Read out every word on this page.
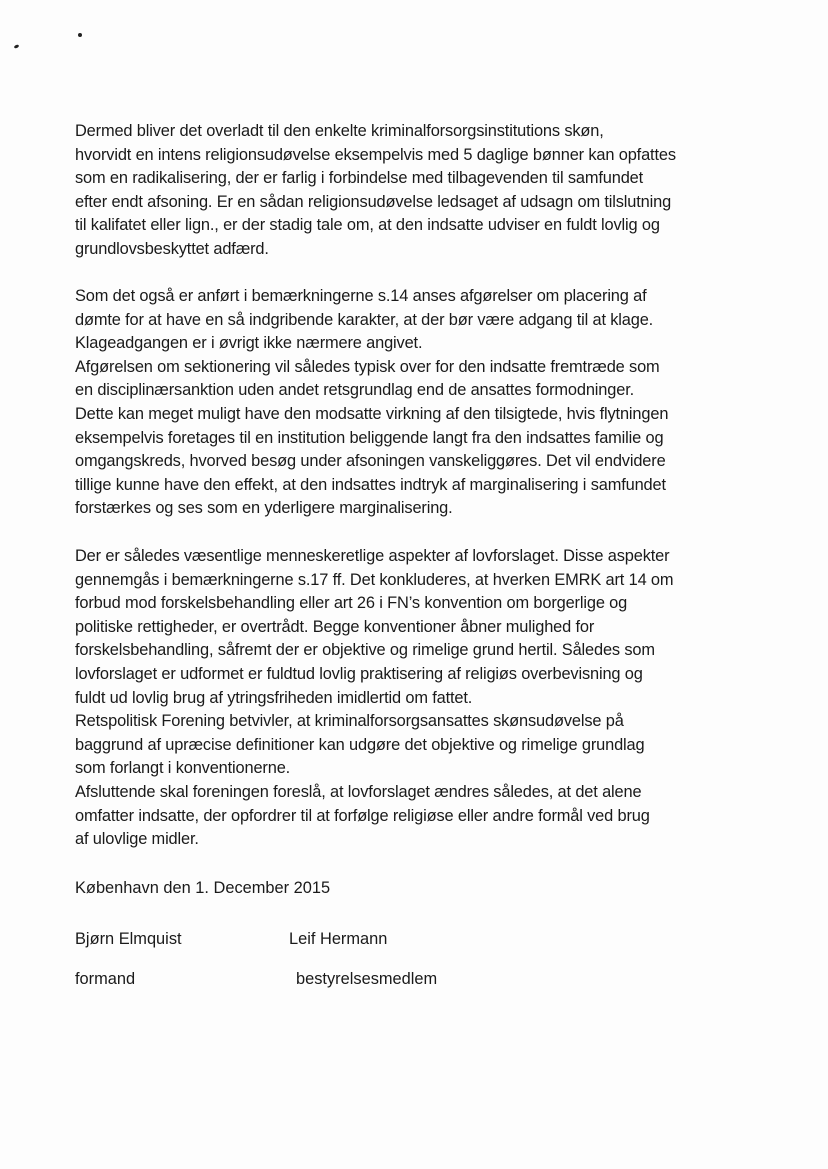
Dermed bliver det overladt til den enkelte kriminalforsorgsinstitutions skøn,
hvorvidt en intens religionsudøvelse eksempelvis med 5 daglige bønner kan opfattes
som en radikalisering, der er farlig i forbindelse med tilbagevenden til samfundet
efter endt afsoning. Er en sådan religionsudøvelse ledsaget af udsagn om tilslutning
til kalifatet eller lign., er der stadig tale om, at den indsatte udviser en fuldt lovlig og
grundlovsbeskyttet adfærd.
Som det også er anført i bemærkningerne s.14 anses afgørelser om placering af
dømte for at have en så indgribende karakter, at der bør være adgang til at klage.
Klageadgangen er i øvrigt ikke nærmere angivet.
Afgørelsen om sektionering vil således typisk over for den indsatte fremtræde som
en disciplinærsanktion uden andet retsgrundlag end de ansattes formodninger.
Dette kan meget muligt have den modsatte virkning af den tilsigtede, hvis flytningen
eksempelvis foretages til en institution beliggende langt fra den indsattes familie og
omgangskreds, hvorved besøg under afsoningen vanskeliggøres. Det vil endvidere
tillige kunne have den effekt, at den indsattes indtryk af marginalisering i samfundet
forstærkes og ses som en yderligere marginalisering.
Der er således væsentlige menneskeretlige aspekter af lovforslaget. Disse aspekter
gennemgås i bemærkningerne s.17 ff. Det konkluderes, at hverken EMRK art 14 om
forbud mod forskelsbehandling eller art 26 i FN’s konvention om borgerlige og
politiske rettigheder, er overtrådt. Begge konventioner åbner mulighed for
forskelsbehandling, såfremt der er objektive og rimelige grund hertil. Således som
lovforslaget er udformet er fuldtud lovlig praktisering af religiøs overbevisning og
fuldt ud lovlig brug af ytringsfriheden imidlertid om fattet.
Retspolitisk Forening betvivler, at kriminalforsorgsansattes skønsudøvelse på
baggrund af upræcise definitioner kan udgøre det objektive og rimelige grundlag
som forlangt i konventionerne.
Afsluttende skal foreningen foreslå, at lovforslaget ændres således, at det alene
omfatter indsatte, der opfordrer til at forfølge religiøse eller andre formål ved brug
af ulovlige midler.
København den 1. December 2015
Bjørn Elmquist	Leif Hermann
formand	bestyrelsesmedlem
